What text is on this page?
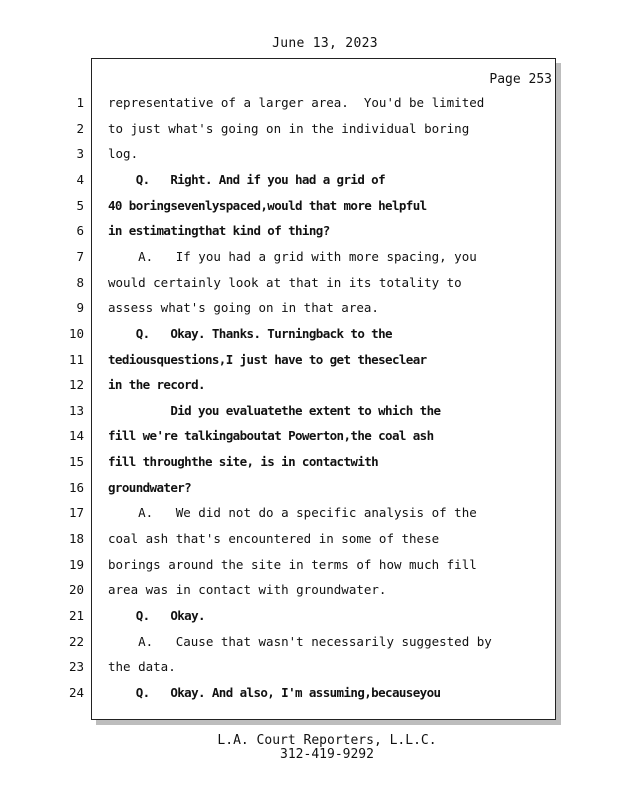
June 13, 2023
Page 253
1 representative of a larger area.  You'd be limited
2 to just what's going on in the individual boring
3 log.
4 Q.   Right. And if you had a grid of
5 40 boringsevenlyspaced,would that more helpful
6 in estimatingthat kind of thing?
7 A.   If you had a grid with more spacing, you
8 would certainly look at that in its totality to
9 assess what's going on in that area.
10 Q.   Okay. Thanks. Turningback to the
11 tediousquestions,I just have to get theseclear
12 in the record.
13 Did you evaluatethe extent to which the
14 fill we're talkingaboutat Powerton,the coal ash
15 fill throughthe site, is in contactwith
16 groundwater?
17 A.   We did not do a specific analysis of the
18 coal ash that's encountered in some of these
19 borings around the site in terms of how much fill
20 area was in contact with groundwater.
21 Q.   Okay.
22 A.   Cause that wasn't necessarily suggested by
23 the data.
24 Q.   Okay. And also, I'm assuming,becauseyou
L.A. Court Reporters, L.L.C.
312-419-9292
